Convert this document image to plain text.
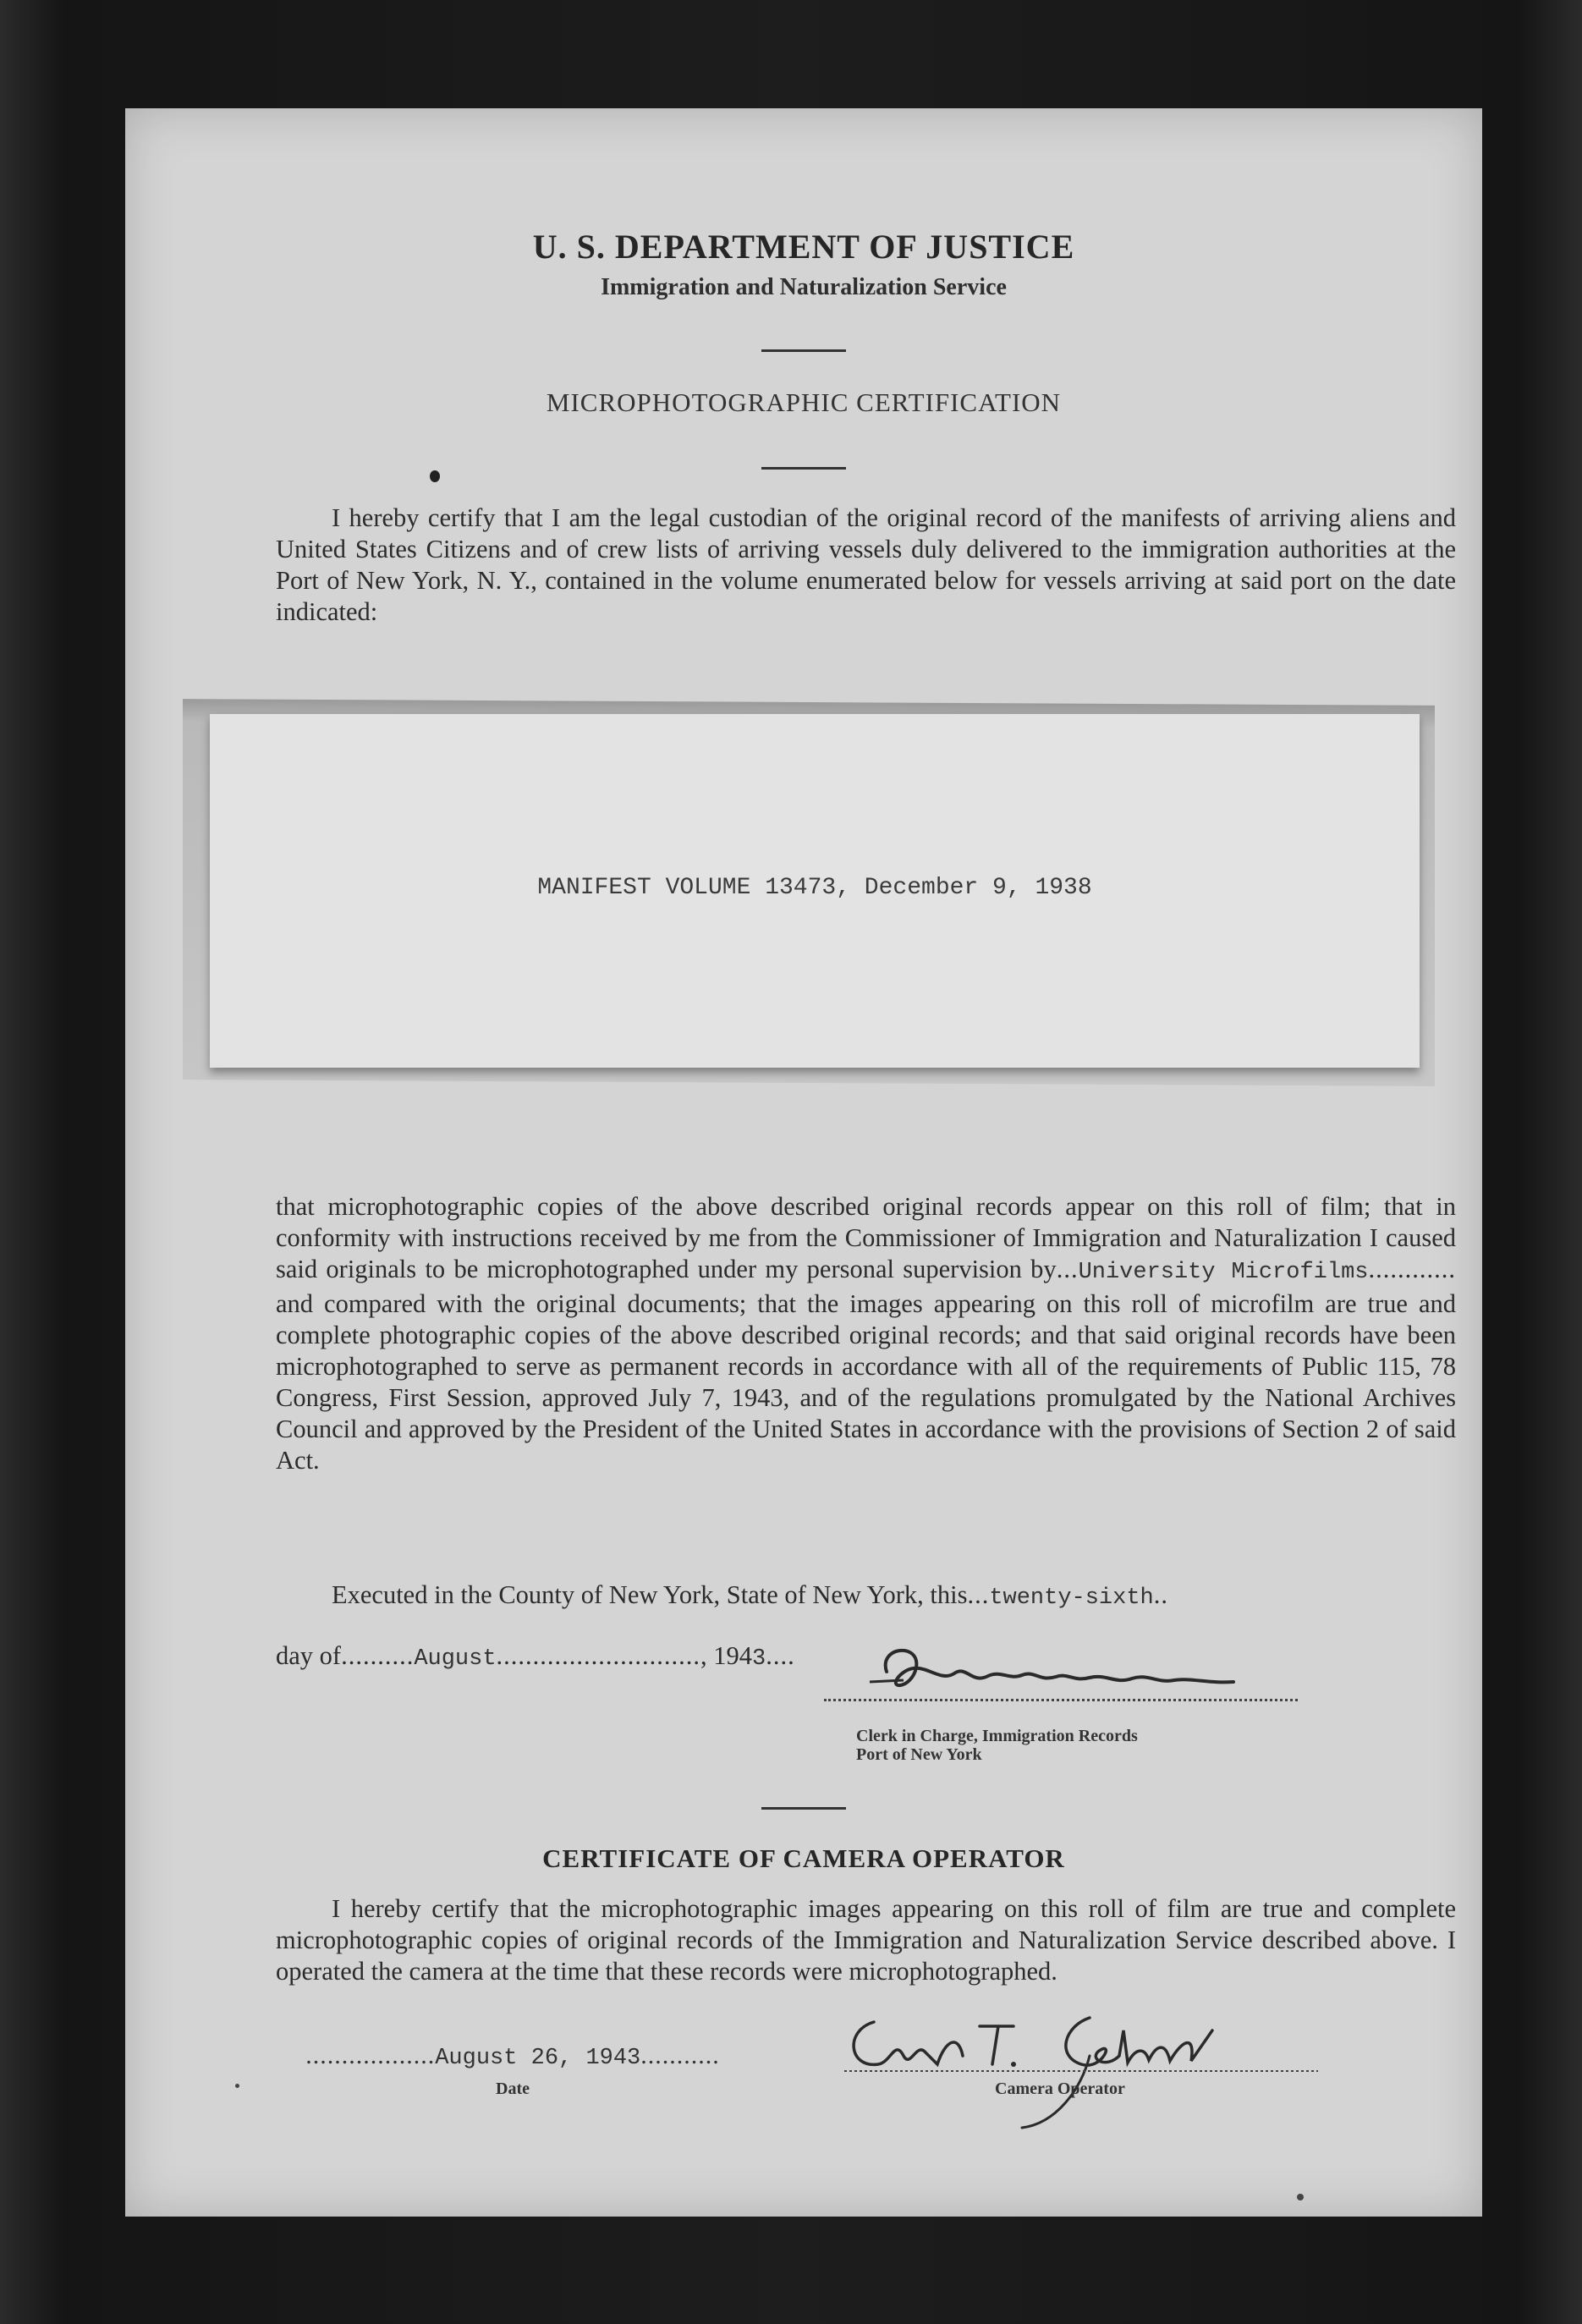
U. S. DEPARTMENT OF JUSTICE
Immigration and Naturalization Service
MICROPHOTOGRAPHIC CERTIFICATION
I hereby certify that I am the legal custodian of the original record of the manifests of arriving aliens and United States Citizens and of crew lists of arriving vessels duly delivered to the immigration authorities at the Port of New York, N. Y., contained in the volume enumerated below for vessels arriving at said port on the date indicated:
MANIFEST VOLUME 13473, December 9, 1938
that microphotographic copies of the above described original records appear on this roll of film; that in conformity with instructions received by me from the Commissioner of Immigration and Naturalization I caused said originals to be microphotographed under my personal supervision by...University Microfilms............ and compared with the original documents; that the images appearing on this roll of microfilm are true and complete photographic copies of the above described original records; and that said original records have been microphotographed to serve as permanent records in accordance with all of the requirements of Public 115, 78 Congress, First Session, approved July 7, 1943, and of the regulations promulgated by the National Archives Council and approved by the President of the United States in accordance with the provisions of Section 2 of said Act.
Executed in the County of New York, State of New York, this...twenty-sixth..
day of..........August............................, 1943....
Clerk in Charge, Immigration Records
Port of New York
CERTIFICATE OF CAMERA OPERATOR
I hereby certify that the microphotographic images appearing on this roll of film are true and complete microphotographic copies of original records of the Immigration and Naturalization Service described above. I operated the camera at the time that these records were microphotographed.
..................August 26, 1943...........
Date	Camera Operator
